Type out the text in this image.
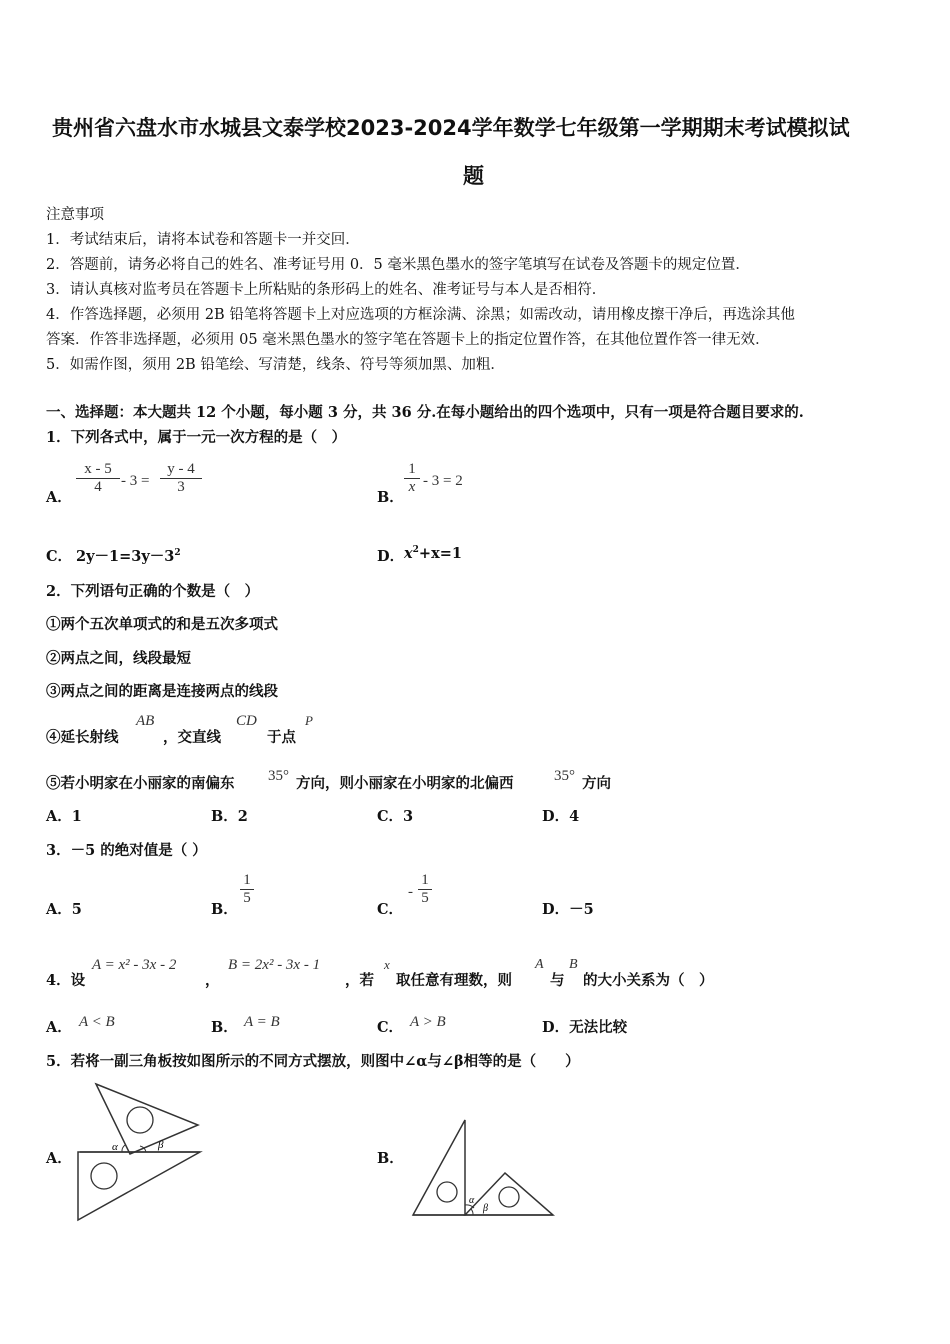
贵州省六盘水市水城县文泰学校2023-2024学年数学七年级第一学期期末考试模拟试
题
注意事项
1．考试结束后，请将本试卷和答题卡一并交回．
2．答题前，请务必将自己的姓名、准考证号用 0．5 毫米黑色墨水的签字笔填写在试卷及答题卡的规定位置．
3．请认真核对监考员在答题卡上所粘贴的条形码上的姓名、准考证号与本人是否相符．
4．作答选择题，必须用 2B 铅笔将答题卡上对应选项的方框涂满、涂黑；如需改动，请用橡皮擦干净后，再选涂其他
答案．作答非选择题，必须用 05 毫米黑色墨水的签字笔在答题卡上的指定位置作答，在其他位置作答一律无效．
5．如需作图，须用 2B 铅笔绘、写清楚，线条、符号等须加黑、加粗．
一、选择题：本大题共 12 个小题，每小题 3 分，共 36 分.在每小题给出的四个选项中，只有一项是符合题目要求的.
1．下列各式中，属于一元一次方程的是（　）
A．
x - 5
4	- 3 =
y - 4
3
B．
1
x - 3 = 2
C． $2y-1=3y-3^2$	D． $x^2+x=1$
2．下列语句正确的个数是（　）
①两个五次单项式的和是五次多项式
②两点之间，线段最短
③两点之间的距离是连接两点的线段
④延长射线
AB
，交直线
CD
于点
P
⑤若小明家在小丽家的南偏东 35° 方向，则小丽家在小明家的北偏西	35° 方向
A．1	B．2	C．3	D．4
3．－5 的绝对值是（ ）
A．5	B．
1
5
C．
-
1
5
D．－5
4．设
A = x² - 3x - 2
，
B = 2x² - 3x - 1
，若
x
取任意有理数，则
A
与
B
的大小关系为（　）
A． A < B	B． A = B	C． A > B	D．无法比较
5．若将一副三角板按如图所示的不同方式摆放，则图中∠α与∠β相等的是（　　）
A．	B．
α	β
α
β
